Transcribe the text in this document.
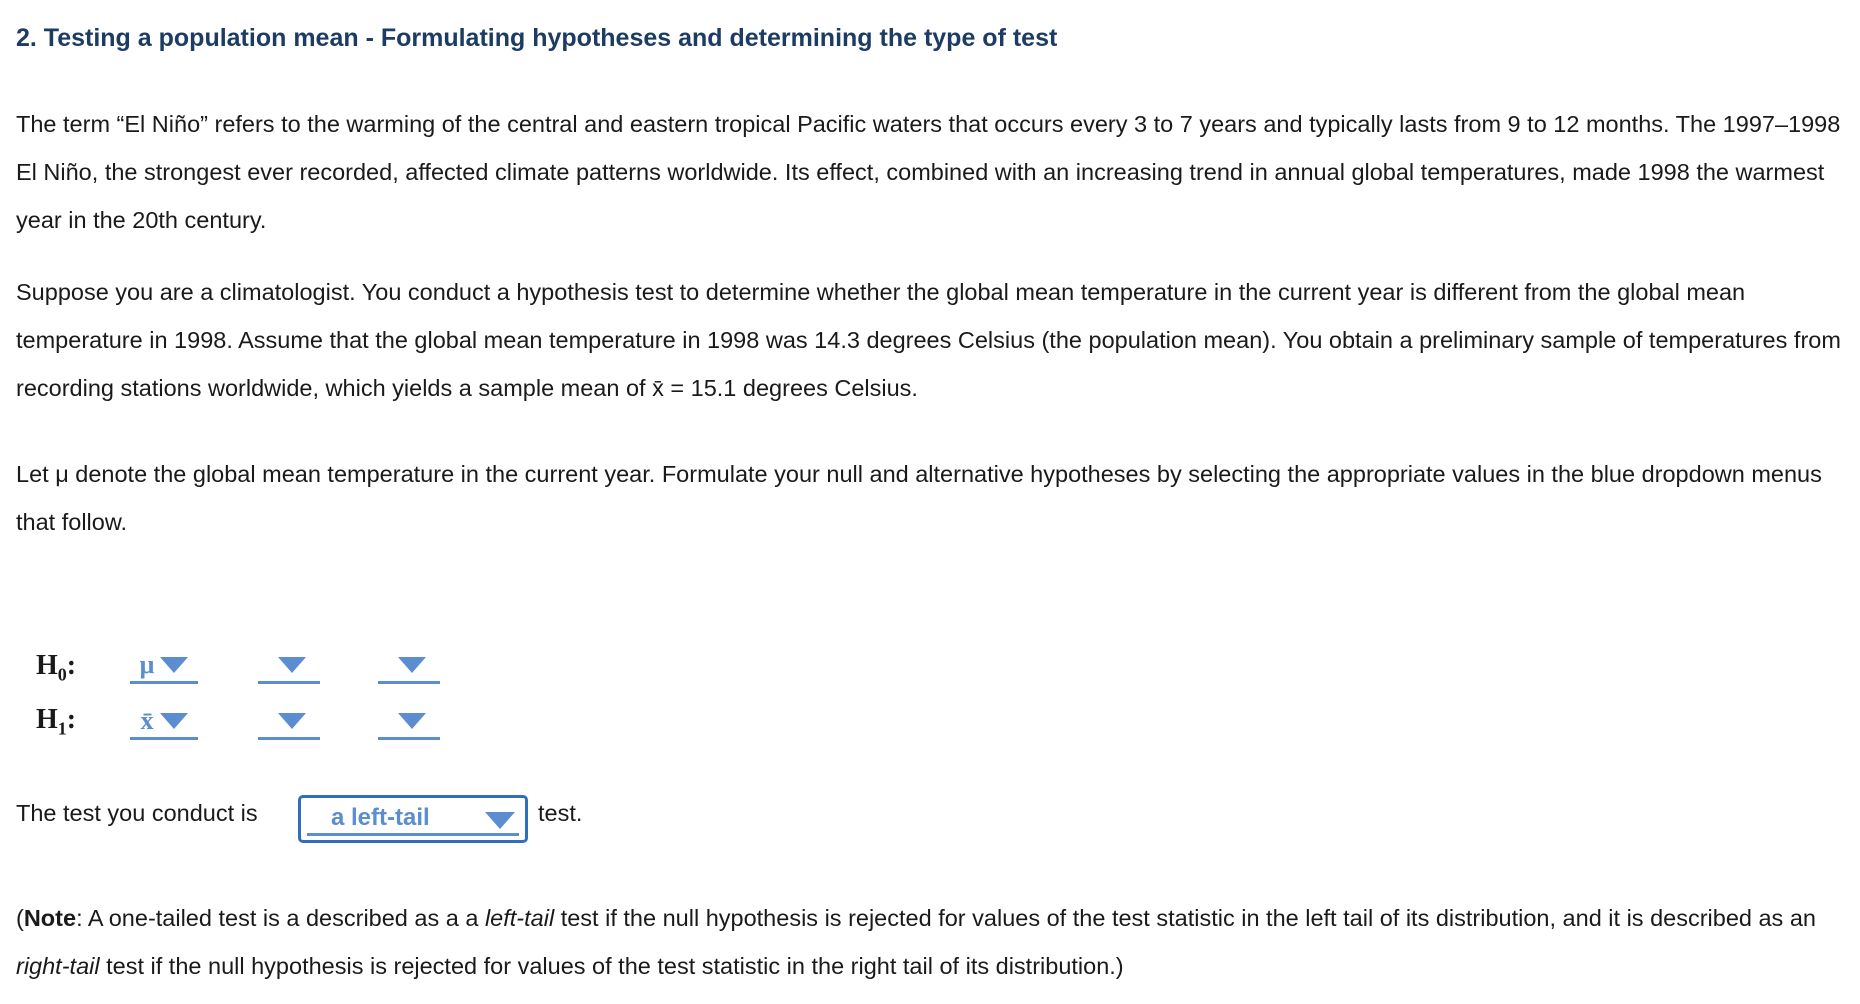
2. Testing a population mean - Formulating hypotheses and determining the type of test

The term “El Niño” refers to the warming of the central and eastern tropical Pacific waters that occurs every 3 to 7 years and typically lasts from 9 to 12 months. The 1997–1998 El Niño, the strongest ever recorded, affected climate patterns worldwide. Its effect, combined with an increasing trend in annual global temperatures, made 1998 the warmest year in the 20th century.

Suppose you are a climatologist. You conduct a hypothesis test to determine whether the global mean temperature in the current year is different from the global mean temperature in 1998. Assume that the global mean temperature in 1998 was 14.3 degrees Celsius (the population mean). You obtain a preliminary sample of temperatures from recording stations worldwide, which yields a sample mean of x̄ = 15.1 degrees Celsius.

Let μ denote the global mean temperature in the current year. Formulate your null and alternative hypotheses by selecting the appropriate values in the blue dropdown menus that follow.

$H_0$: μ
$H_1$: x̄
The test you conduct is	a left-tail	test.

(Note: A one-tailed test is a described as a a left-tail test if the null hypothesis is rejected for values of the test statistic in the left tail of its distribution, and it is described as an right-tail test if the null hypothesis is rejected for values of the test statistic in the right tail of its distribution.)
